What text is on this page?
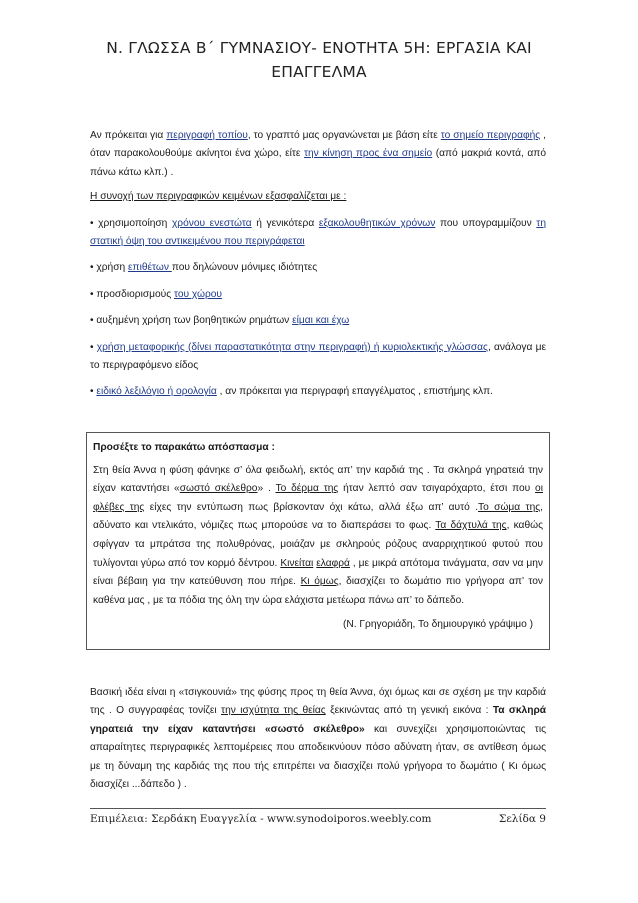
Ν. ΓΛΩΣΣΑ Β΄ ΓΥΜΝΑΣΙΟΥ- ΕΝΟΤΗΤΑ 5Η: ΕΡΓΑΣΙΑ ΚΑΙ
ΕΠΑΓΓΕΛΜΑ

Αν πρόκειται για περιγραφή τοπίου, το γραπτό μας οργανώνεται με βάση είτε το σημείο περιγραφής , όταν παρακολουθούμε ακίνητοι ένα χώρο, είτε την κίνηση προς ένα σημείο (από μακριά κοντά, από πάνω κάτω κλπ.) .

Η συνοχή των περιγραφικών κειμένων εξασφαλίζεται με :

• χρησιμοποίηση χρόνου ενεστώτα ή γενικότερα εξακολουθητικών χρόνων που υπογραμμίζουν τη στατική όψη του αντικειμένου που περιγράφεται

• χρήση επιθέτων που δηλώνουν μόνιμες ιδιότητες

• προσδιορισμούς του χώρου

• αυξημένη χρήση των βοηθητικών ρημάτων είμαι και έχω

• χρήση μεταφορικής (δίνει παραστατικότητα στην περιγραφή) ή κυριολεκτικής γλώσσας, ανάλογα με το περιγραφόμενο είδος

• ειδικό λεξιλόγιο ή ορολογία , αν πρόκειται για περιγραφή επαγγέλματος , επιστήμης κλπ.

Προσέξτε το παρακάτω απόσπασμα :

Στη θεία Άννα η φύση φάνηκε σ’ όλα φειδωλή, εκτός απ’ την καρδιά της . Τα σκληρά γηρατειά την είχαν καταντήσει «σωστό σκέλεθρο» . Το δέρμα της ήταν λεπτό σαν τσιγαρόχαρτο, έτσι που οι φλέβες της είχες την εντύπωση πως βρίσκονταν όχι κάτω, αλλά έξω απ’ αυτό .Το σώμα της, αδύνατο και ντελικάτο, νόμιζες πως μπορούσε να το διαπεράσει το φως. Τα δάχτυλά της, καθώς σφίγγαν τα μπράτσα της πολυθρόνας, μοιάζαν με σκληρούς ρόζους αναρριχητικού φυτού που τυλίγονται γύρω από τον κορμό δέντρου. Κινείται ελαφρά , με μικρά απότομα τινάγματα, σαν να μην είναι βέβαιη για την κατεύθυνση που πήρε. Κι όμως, διασχίζει το δωμάτιο πιο γρήγορα απ’ τον καθένα μας , με τα πόδια της όλη την ώρα ελάχιστα μετέωρα πάνω απ’ το δάπεδο.

(Ν. Γρηγοριάδη, Το δημιουργικό γράψιμο )

Βασική ιδέα είναι η «τσιγκουνιά» της φύσης προς τη θεία Άννα, όχι όμως και σε σχέση με την καρδιά της . Ο συγγραφέας τονίζει την ισχύτητα της θείας ξεκινώντας από τη γενική εικόνα : Τα σκληρά γηρατειά την είχαν καταντήσει «σωστό σκέλεθρο» και συνεχίζει χρησιμοποιώντας τις απαραίτητες περιγραφικές λεπτομέρειες που αποδεικνύουν πόσο αδύνατη ήταν, σε αντίθεση όμως με τη δύναμη της καρδιάς της που τής επιτρέπει να διασχίζει πολύ γρήγορα το δωμάτιο ( Κι όμως διασχίζει ...δάπεδο ) .

Επιμέλεια: Σερδάκη Ευαγγελία - www.synodoiporos.weebly.com	Σελίδα 9
